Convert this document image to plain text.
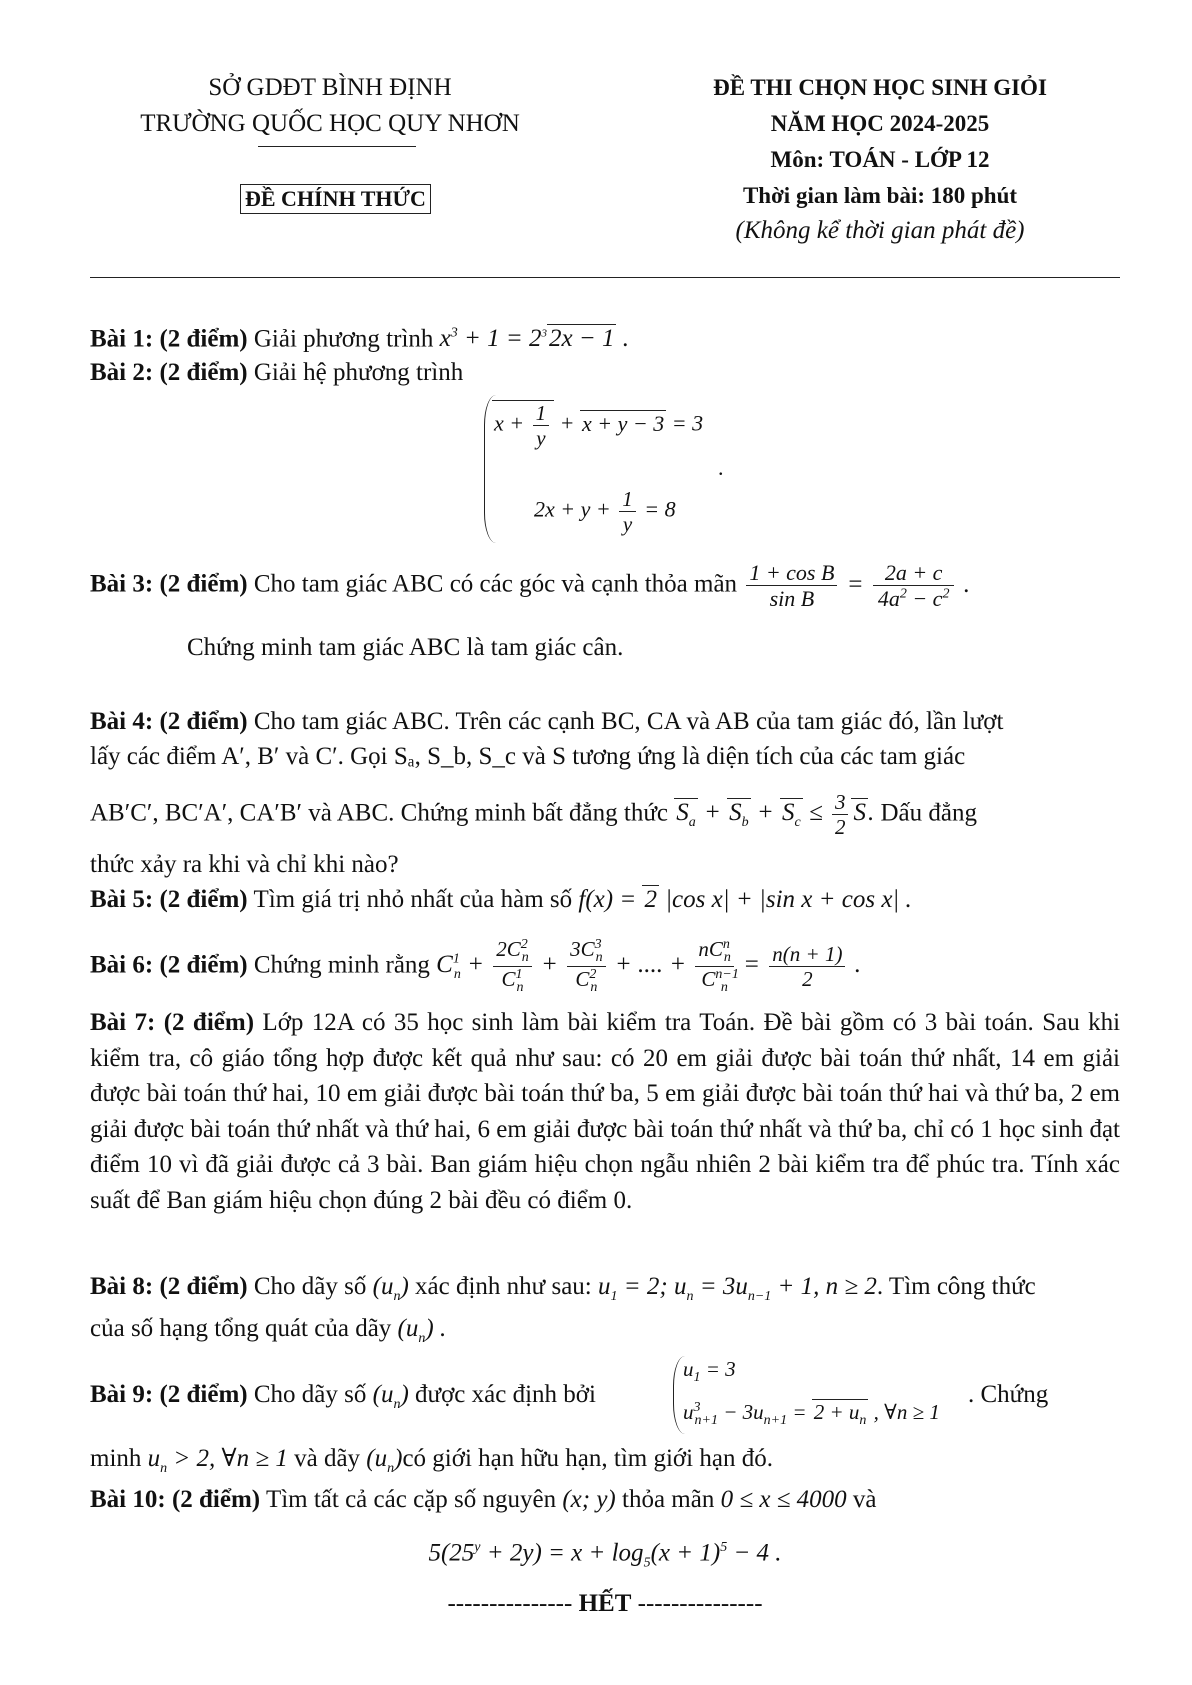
SỞ GDĐT BÌNH ĐỊNH
TRƯỜNG QUỐC HỌC QUY NHƠN
ĐỀ CHÍNH THỨC
ĐỀ THI CHỌN HỌC SINH GIỎI
NĂM HỌC 2024-2025
Môn: TOÁN - LỚP 12
Thời gian làm bài: 180 phút
(Không kể thời gian phát đề)
Bài 1: (2 điểm) Giải phương trình $x^3 + 1 = 2^32x - 1$ .
Bài 2: (2 điểm) Giải hệ phương trình
$x + \frac{1}{y} + x + y - 3 = 3$
.
$2x + y + \frac{1}{y} = 8$
Bài 3: (2 điểm) Cho tam giác ABC có các góc và cạnh thỏa mãn $\frac{\text{1 + cos B}}{\text{sin B}} = \frac{2a + c}{4a^2 - c^2}$ .
Chứng minh tam giác ABC là tam giác cân.
Bài 4: (2 điểm) Cho tam giác ABC. Trên các cạnh BC, CA và AB của tam giác đó, lần lượt
lấy các điểm A′, B′ và C′. Gọi Sₐ, S_b, S_c và S tương ứng là diện tích của các tam giác
AB′C′, BC′A′, CA′B′ và ABC. Chứng minh bất đẳng thức $S_a + S_b + S_c \le \frac{3}{2} S$. Dấu đẳng
thức xảy ra khi và chỉ khi nào?
Bài 5: (2 điểm) Tìm giá trị nhỏ nhất của hàm số f(x) = 2 |cos x| + |sin x + cos x| .
Bài 6: (2 điểm) Chứng minh rằng $C^1_n + \frac{2C^2_n}{C^1_n} + \frac{3C^3_n}{C^2_n}$ + .... + $\frac{nC^n_n}{C^{n-1}_n} = \frac{n(n + 1)}{2}$ .
Bài 7: (2 điểm) Lớp 12A có 35 học sinh làm bài kiểm tra Toán. Đề bài gồm có 3 bài toán. Sau khi kiểm tra, cô giáo tổng hợp được kết quả như sau: có 20 em giải được bài toán thứ nhất, 14 em giải được bài toán thứ hai, 10 em giải được bài toán thứ ba, 5 em giải được bài toán thứ hai và thứ ba, 2 em giải được bài toán thứ nhất và thứ hai, 6 em giải được bài toán thứ nhất và thứ ba, chỉ có 1 học sinh đạt điểm 10 vì đã giải được cả 3 bài. Ban giám hiệu chọn ngẫu nhiên 2 bài kiểm tra để phúc tra. Tính xác suất để Ban giám hiệu chọn đúng 2 bài đều có điểm 0.
Bài 8: (2 điểm) Cho dãy số $(u_n)$ xác định như sau: $u_1 = 2$; $u_n = 3u_{n-1} + 1$, n ≥ 2. Tìm công thức
của số hạng tổng quát của dãy $(u_n)$ .
Bài 9: (2 điểm) Cho dãy số $(u_n)$ được xác định bởi
$u_1 = 3$
$u^3_{n+1} - 3u_{n+1} = 2 + u_n$ , ∀n ≥ 1
. Chứng
minh $u_n > 2$, ∀n ≥ 1 và dãy $(u_n)có$ giới hạn hữu hạn, tìm giới hạn đó.
Bài 10: (2 điểm) Tìm tất cả các cặp số nguyên (x; y) thỏa mãn 0 ≤ x ≤ 4000 và
$5(25^y + 2y) = x + \log_5(x + 1)^5 - 4$ .
--------------- HẾT ---------------
